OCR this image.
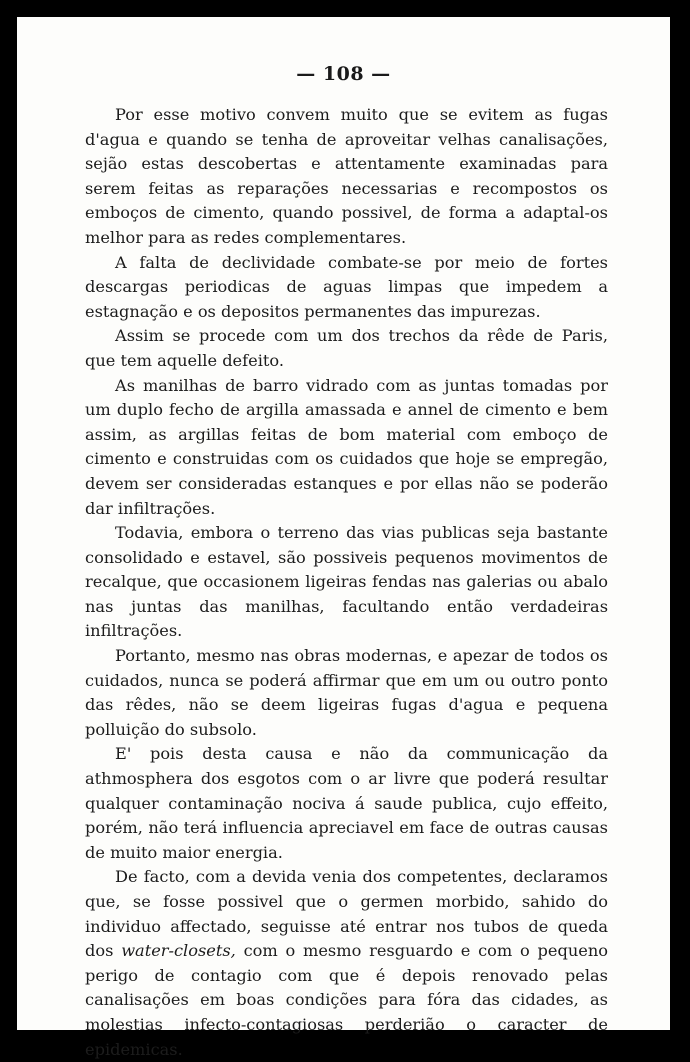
— 108 —

Por esse motivo convem muito que se evitem as fugas d'agua e quando se tenha de aproveitar velhas canalisações, sejão estas descobertas e attentamente examinadas para serem feitas as reparações necessarias e recompostos os emboços de cimento, quando possivel, de forma a adaptal-os melhor para as redes complementares.

A falta de declividade combate-se por meio de fortes descargas periodicas de aguas limpas que impedem a estagnação e os depositos permanentes das impurezas.

Assim se procede com um dos trechos da rêde de Paris, que tem aquelle defeito.

As manilhas de barro vidrado com as juntas tomadas por um duplo fecho de argilla amassada e annel de cimento e bem assim, as argillas feitas de bom material com emboço de cimento e construidas com os cuidados que hoje se empregão, devem ser consideradas estanques e por ellas não se poderão dar infiltrações.

Todavia, embora o terreno das vias publicas seja bastante consolidado e estavel, são possiveis pequenos movimentos de recalque, que occasionem ligeiras fendas nas galerias ou abalo nas juntas das manilhas, facultando então verdadeiras infiltrações.

Portanto, mesmo nas obras modernas, e apezar de todos os cuidados, nunca se poderá affirmar que em um ou outro ponto das rêdes, não se deem ligeiras fugas d'agua e pequena polluição do subsolo.

E' pois desta causa e não da communicação da athmosphera dos esgotos com o ar livre que poderá resultar qualquer contaminação nociva á saude publica, cujo effeito, porém, não terá influencia apreciavel em face de outras causas de muito maior energia.

De facto, com a devida venia dos competentes, declaramos que, se fosse possivel que o germen morbido, sahido do individuo affectado, seguisse até entrar nos tubos de queda dos water-closets, com o mesmo resguardo e com o pequeno perigo de contagio com que é depois renovado pelas canalisações em boas condições para fóra das cidades, as molestias infecto-contagiosas perderião o caracter de epidemicas.
